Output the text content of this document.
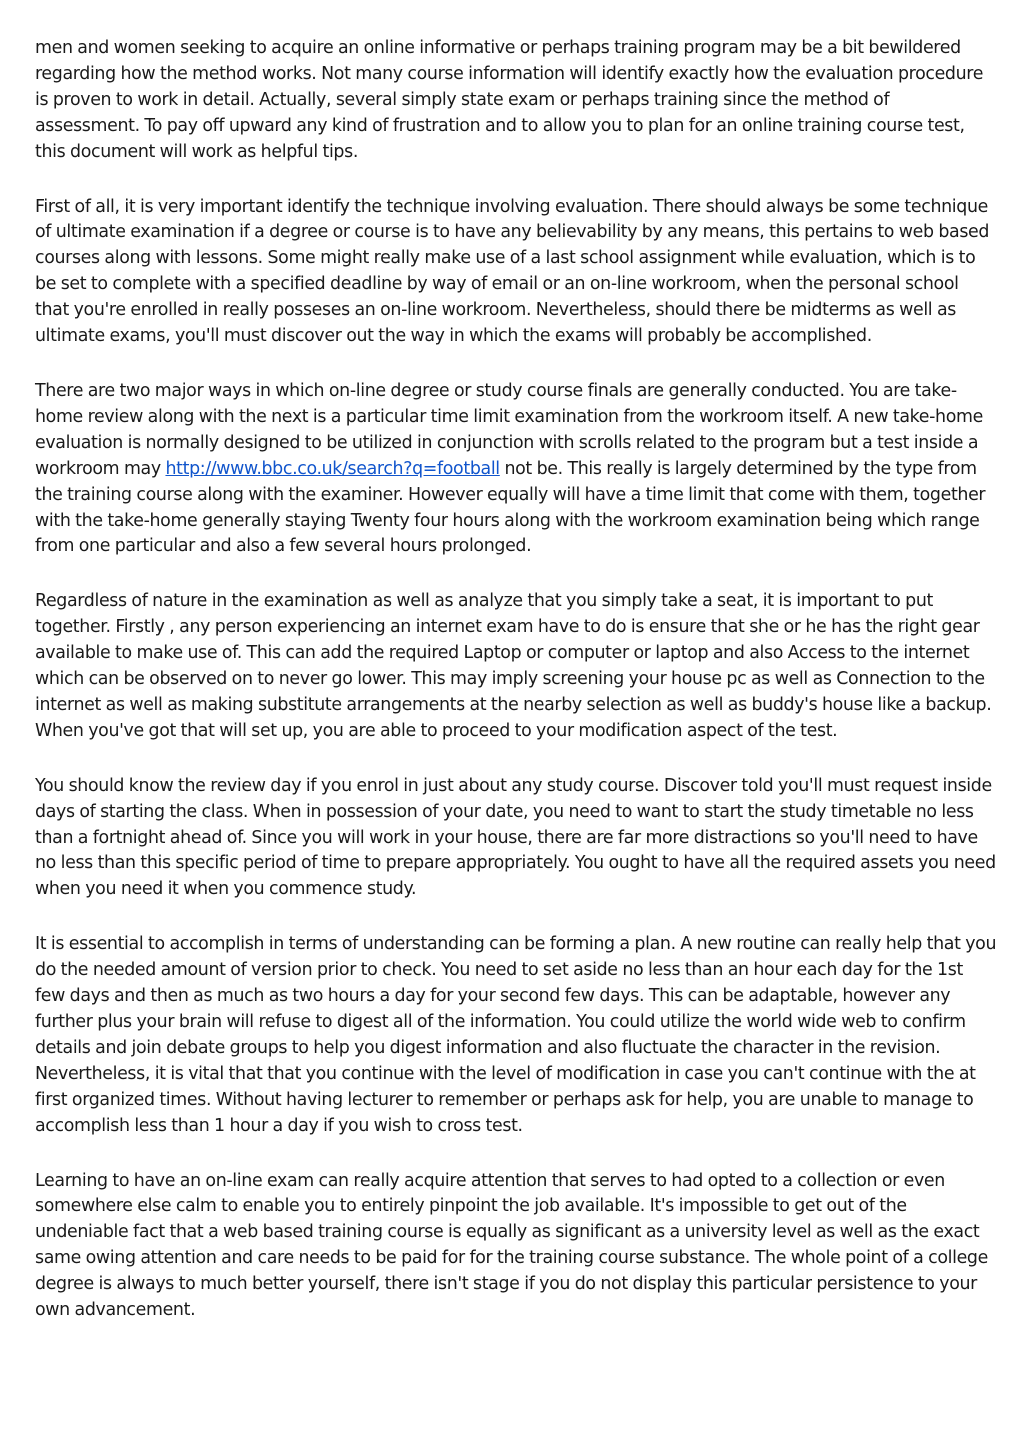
men and women seeking to acquire an online informative or perhaps training program may be a bit bewildered regarding how the method works. Not many course information will identify exactly how the evaluation procedure is proven to work in detail. Actually, several simply state exam or perhaps training since the method of assessment. To pay off upward any kind of frustration and to allow you to plan for an online training course test, this document will work as helpful tips.

First of all, it is very important identify the technique involving evaluation. There should always be some technique of ultimate examination if a degree or course is to have any believability by any means, this pertains to web based courses along with lessons. Some might really make use of a last school assignment while evaluation, which is to be set to complete with a specified deadline by way of email or an on-line workroom, when the personal school that you're enrolled in really posseses an on-line workroom. Nevertheless, should there be midterms as well as ultimate exams, you'll must discover out the way in which the exams will probably be accomplished.

There are two major ways in which on-line degree or study course finals are generally conducted. You are take-home review along with the next is a particular time limit examination from the workroom itself. A new take-home evaluation is normally designed to be utilized in conjunction with scrolls related to the program but a test inside a workroom may http://www.bbc.co.uk/search?q=football not be. This really is largely determined by the type from the training course along with the examiner. However equally will have a time limit that come with them, together with the take-home generally staying Twenty four hours along with the workroom examination being which range from one particular and also a few several hours prolonged.

Regardless of nature in the examination as well as analyze that you simply take a seat, it is important to put together. Firstly , any person experiencing an internet exam have to do is ensure that she or he has the right gear available to make use of. This can add the required Laptop or computer or laptop and also Access to the internet which can be observed on to never go lower. This may imply screening your house pc as well as Connection to the internet as well as making substitute arrangements at the nearby selection as well as buddy's house like a backup. When you've got that will set up, you are able to proceed to your modification aspect of the test.

You should know the review day if you enrol in just about any study course. Discover told you'll must request inside days of starting the class. When in possession of your date, you need to want to start the study timetable no less than a fortnight ahead of. Since you will work in your house, there are far more distractions so you'll need to have no less than this specific period of time to prepare appropriately. You ought to have all the required assets you need when you need it when you commence study.

It is essential to accomplish in terms of understanding can be forming a plan. A new routine can really help that you do the needed amount of version prior to check. You need to set aside no less than an hour each day for the 1st few days and then as much as two hours a day for your second few days. This can be adaptable, however any further plus your brain will refuse to digest all of the information. You could utilize the world wide web to confirm details and join debate groups to help you digest information and also fluctuate the character in the revision. Nevertheless, it is vital that that you continue with the level of modification in case you can't continue with the at first organized times. Without having lecturer to remember or perhaps ask for help, you are unable to manage to accomplish less than 1 hour a day if you wish to cross test.

Learning to have an on-line exam can really acquire attention that serves to had opted to a collection or even somewhere else calm to enable you to entirely pinpoint the job available. It's impossible to get out of the undeniable fact that a web based training course is equally as significant as a university level as well as the exact same owing attention and care needs to be paid for for the training course substance. The whole point of a college degree is always to much better yourself, there isn't stage if you do not display this particular persistence to your own advancement.
